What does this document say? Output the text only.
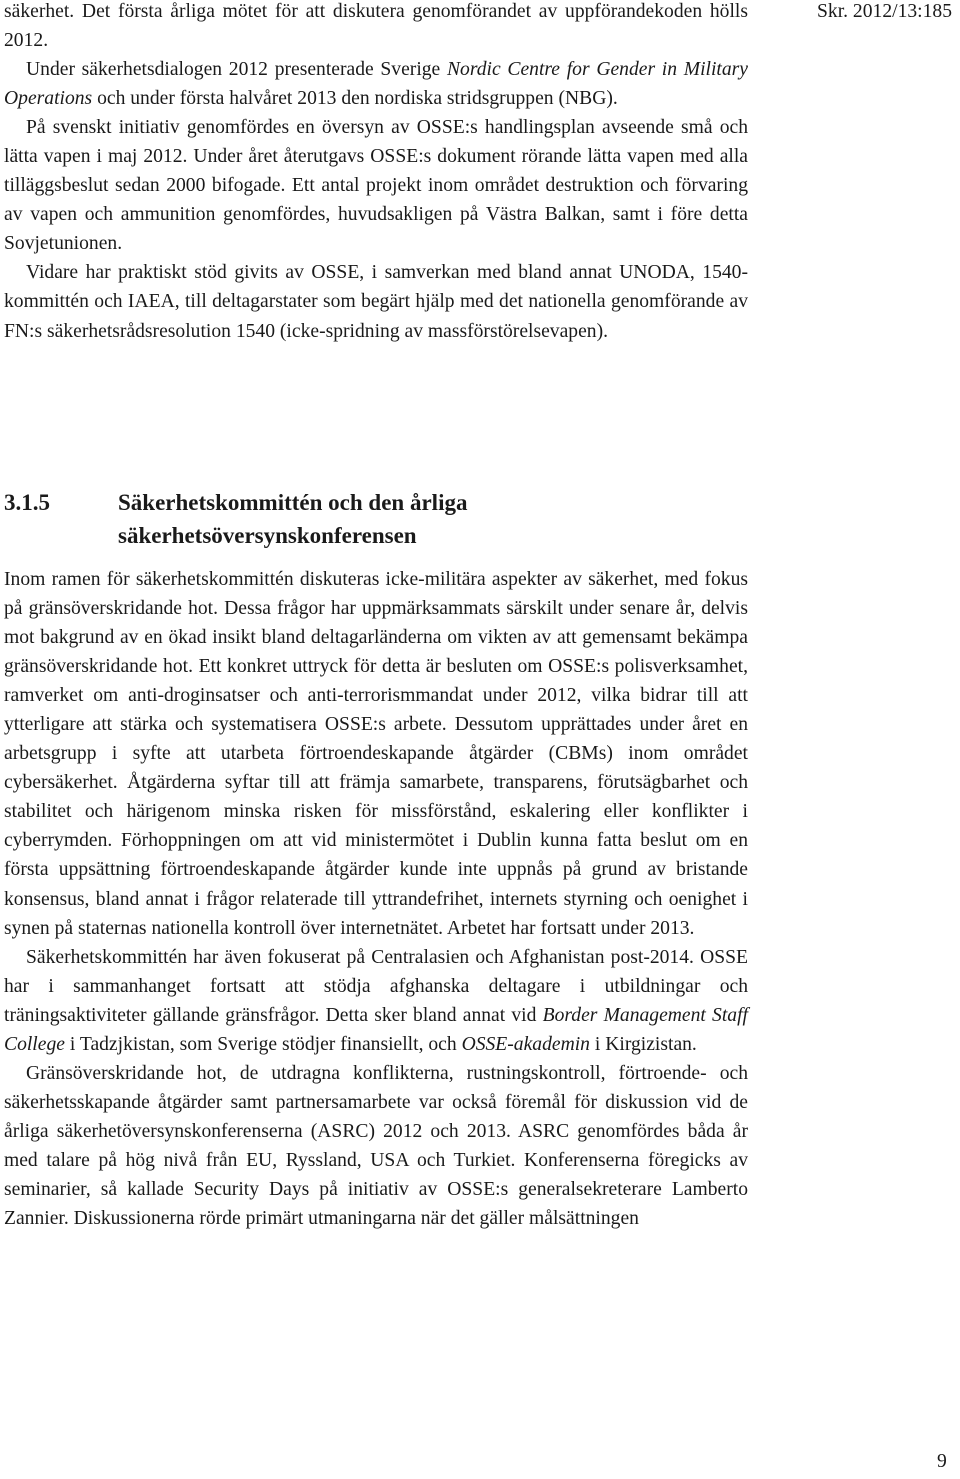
säkerhet. Det första årliga mötet för att diskutera genomförandet av uppförandekoden hölls 2012.

Under säkerhetsdialogen 2012 presenterade Sverige Nordic Centre for Gender in Military Operations och under första halvåret 2013 den nordiska stridsgruppen (NBG).

På svenskt initiativ genomfördes en översyn av OSSE:s handlingsplan avseende små och lätta vapen i maj 2012. Under året återutgavs OSSE:s dokument rörande lätta vapen med alla tilläggsbeslut sedan 2000 bifogade. Ett antal projekt inom området destruktion och förvaring av vapen och ammunition genomfördes, huvudsakligen på Västra Balkan, samt i före detta Sovjetunionen.

Vidare har praktiskt stöd givits av OSSE, i samverkan med bland annat UNODA, 1540-kommittén och IAEA, till deltagarstater som begärt hjälp med det nationella genomförande av FN:s säkerhetsrådsresolution 1540 (icke-spridning av massförstörelsevapen).

Skr. 2012/13:185
3.1.5	Säkerhetskommittén och den årliga säkerhetsöversynskonferensen

Inom ramen för säkerhetskommittén diskuteras icke-militära aspekter av säkerhet, med fokus på gränsöverskridande hot. Dessa frågor har uppmärksammats särskilt under senare år, delvis mot bakgrund av en ökad insikt bland deltagarländerna om vikten av att gemensamt bekämpa gränsöverskridande hot. Ett konkret uttryck för detta är besluten om OSSE:s polisverksamhet, ramverket om anti-droginsatser och anti-terrorismmandat under 2012, vilka bidrar till att ytterligare att stärka och systematisera OSSE:s arbete. Dessutom upprättades under året en arbetsgrupp i syfte att utarbeta förtroendeskapande åtgärder (CBMs) inom området cybersäkerhet. Åtgärderna syftar till att främja samarbete, transparens, förutsägbarhet och stabilitet och härigenom minska risken för missförstånd, eskalering eller konflikter i cyberrymden. Förhoppningen om att vid ministermötet i Dublin kunna fatta beslut om en första uppsättning förtroendeskapande åtgärder kunde inte uppnås på grund av bristande konsensus, bland annat i frågor relaterade till yttrandefrihet, internets styrning och oenighet i synen på staternas nationella kontroll över internetnätet. Arbetet har fortsatt under 2013.

Säkerhetskommittén har även fokuserat på Centralasien och Afghanistan post-2014. OSSE har i sammanhanget fortsatt att stödja afghanska deltagare i utbildningar och träningsaktiviteter gällande gränsfrågor. Detta sker bland annat vid Border Management Staff College i Tadzjkistan, som Sverige stödjer finansiellt, och OSSE-akademin i Kirgizistan.

Gränsöverskridande hot, de utdragna konflikterna, rustningskontroll, förtroende- och säkerhetsskapande åtgärder samt partnersamarbete var också föremål för diskussion vid de årliga säkerhetöversynskonferenserna (ASRC) 2012 och 2013. ASRC genomfördes båda år med talare på hög nivå från EU, Ryssland, USA och Turkiet. Konferenserna föregicks av seminarier, så kallade Security Days på initiativ av OSSE:s generalsekreterare Lamberto Zannier. Diskussionerna rörde primärt utmaningarna när det gäller målsättningen

9
